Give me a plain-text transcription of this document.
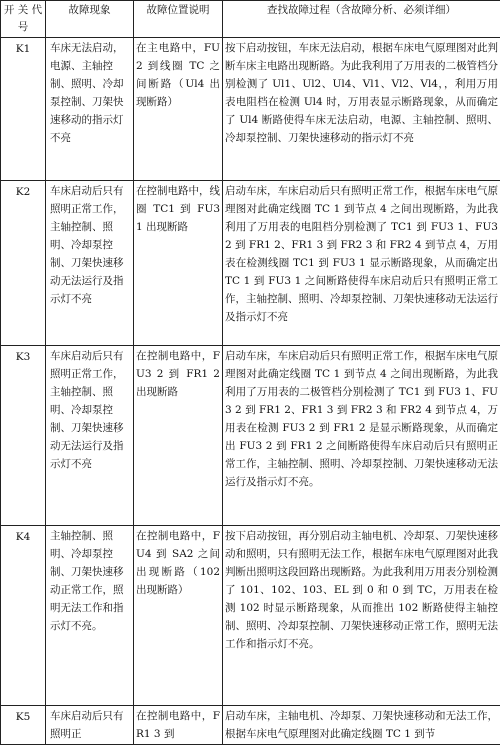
开 关 代号	故障现象	故障位置说明	查找故障过程（含故障分析、必须详细）
K1	车床无法启动，电源、主轴控制、照明、冷却泵控制、刀架快速移动的指示灯不亮	在主电路中，FU2 到线圈 TC 之间断路（Ul4 出现断路）	按下启动按钮，车床无法启动，根据车床电气原理图对此判断车床主电路出现断路。为此我利用了万用表的二极管档分别检测了 Ul1、Ul2、Ul4、Vl1、Vl2、Vl4，，利用万用表电阻档在检测 Ul4 时，万用表显示断路现象，从而确定了 Ul4 断路使得车床无法启动，电源、主轴控制、照明、冷却泵控制、刀架快速移动的指示灯不亮
K2	车床启动后只有照明正常工作，主轴控制、照明、冷却泵控制、刀架快速移动无法运行及指示灯不亮	在控制电路中，线圈 TC1 到 FU3 1 出现断路	启动车床，车床启动后只有照明正常工作，根据车床电气原理图对此确定线圈 TC 1 到节点 4 之间出现断路，为此我利用了万用表的电阻档分别检测了 TC1 到 FU3 1、FU3 2 到 FR1 2、FR1 3 到 FR2 3 和 FR2 4 到节点 4，万用表在检测线圈 TC1 到 FU3 1 显示断路现象，从而确定出 TC 1 到 FU3 1 之间断路使得车床启动后只有照明正常工作，主轴控制、照明、冷却泵控制、刀架快速移动无法运行及指示灯不亮
K3	车床启动后只有照明正常工作，主轴控制、照明、冷却泵控制、刀架快速移动无法运行及指示灯不亮	在控制电路中，FU3 2 到 FR1 2 出现断路	启动车床，车床启动后只有照明正常工作，根据车床电气原理图对此确定线圈 TC 1 到节点 4 之间出现断路，为此我利用了万用表的二极管档分别检测了 TC1 到 FU3 1、FU3 2 到 FR1 2、FR1 3 到 FR2 3 和 FR2 4 到节点 4，万用表在检测 FU3 2 到 FR1 2 是显示断路现象，从而确定出 FU3 2 到 FR1 2 之间断路使得车床启动后只有照明正常工作，主轴控制、照明、冷却泵控制、刀架快速移动无法运行及指示灯不亮。
K4	主轴控制、照明、冷却泵控制、刀架快速移动正常工作，照明无法工作和指示灯不亮。	在控制电路中，FU4 到 SA2 之间出现断路（102 出现断路）	按下启动按钮，再分别启动主轴电机、冷却泵、刀架快速移动和照明，只有照明无法工作，根据车床电气原理图对此我判断出照明这段回路出现断路。为此我利用万用表分别检测了 101、102、103、EL 到 0 和 0 到 TC，万用表在检测 102 时显示断路现象，从而推出 102 断路使得主轴控制、照明、冷却泵控制、刀架快速移动正常工作，照明无法工作和指示灯不亮。
K5	车床启动后只有照明正	在控制电路中，FR1 3 到	启动车床，主轴电机、冷却泵、刀架快速移动和无法工作，根据车床电气原理图对此确定线圈 TC 1 到节
